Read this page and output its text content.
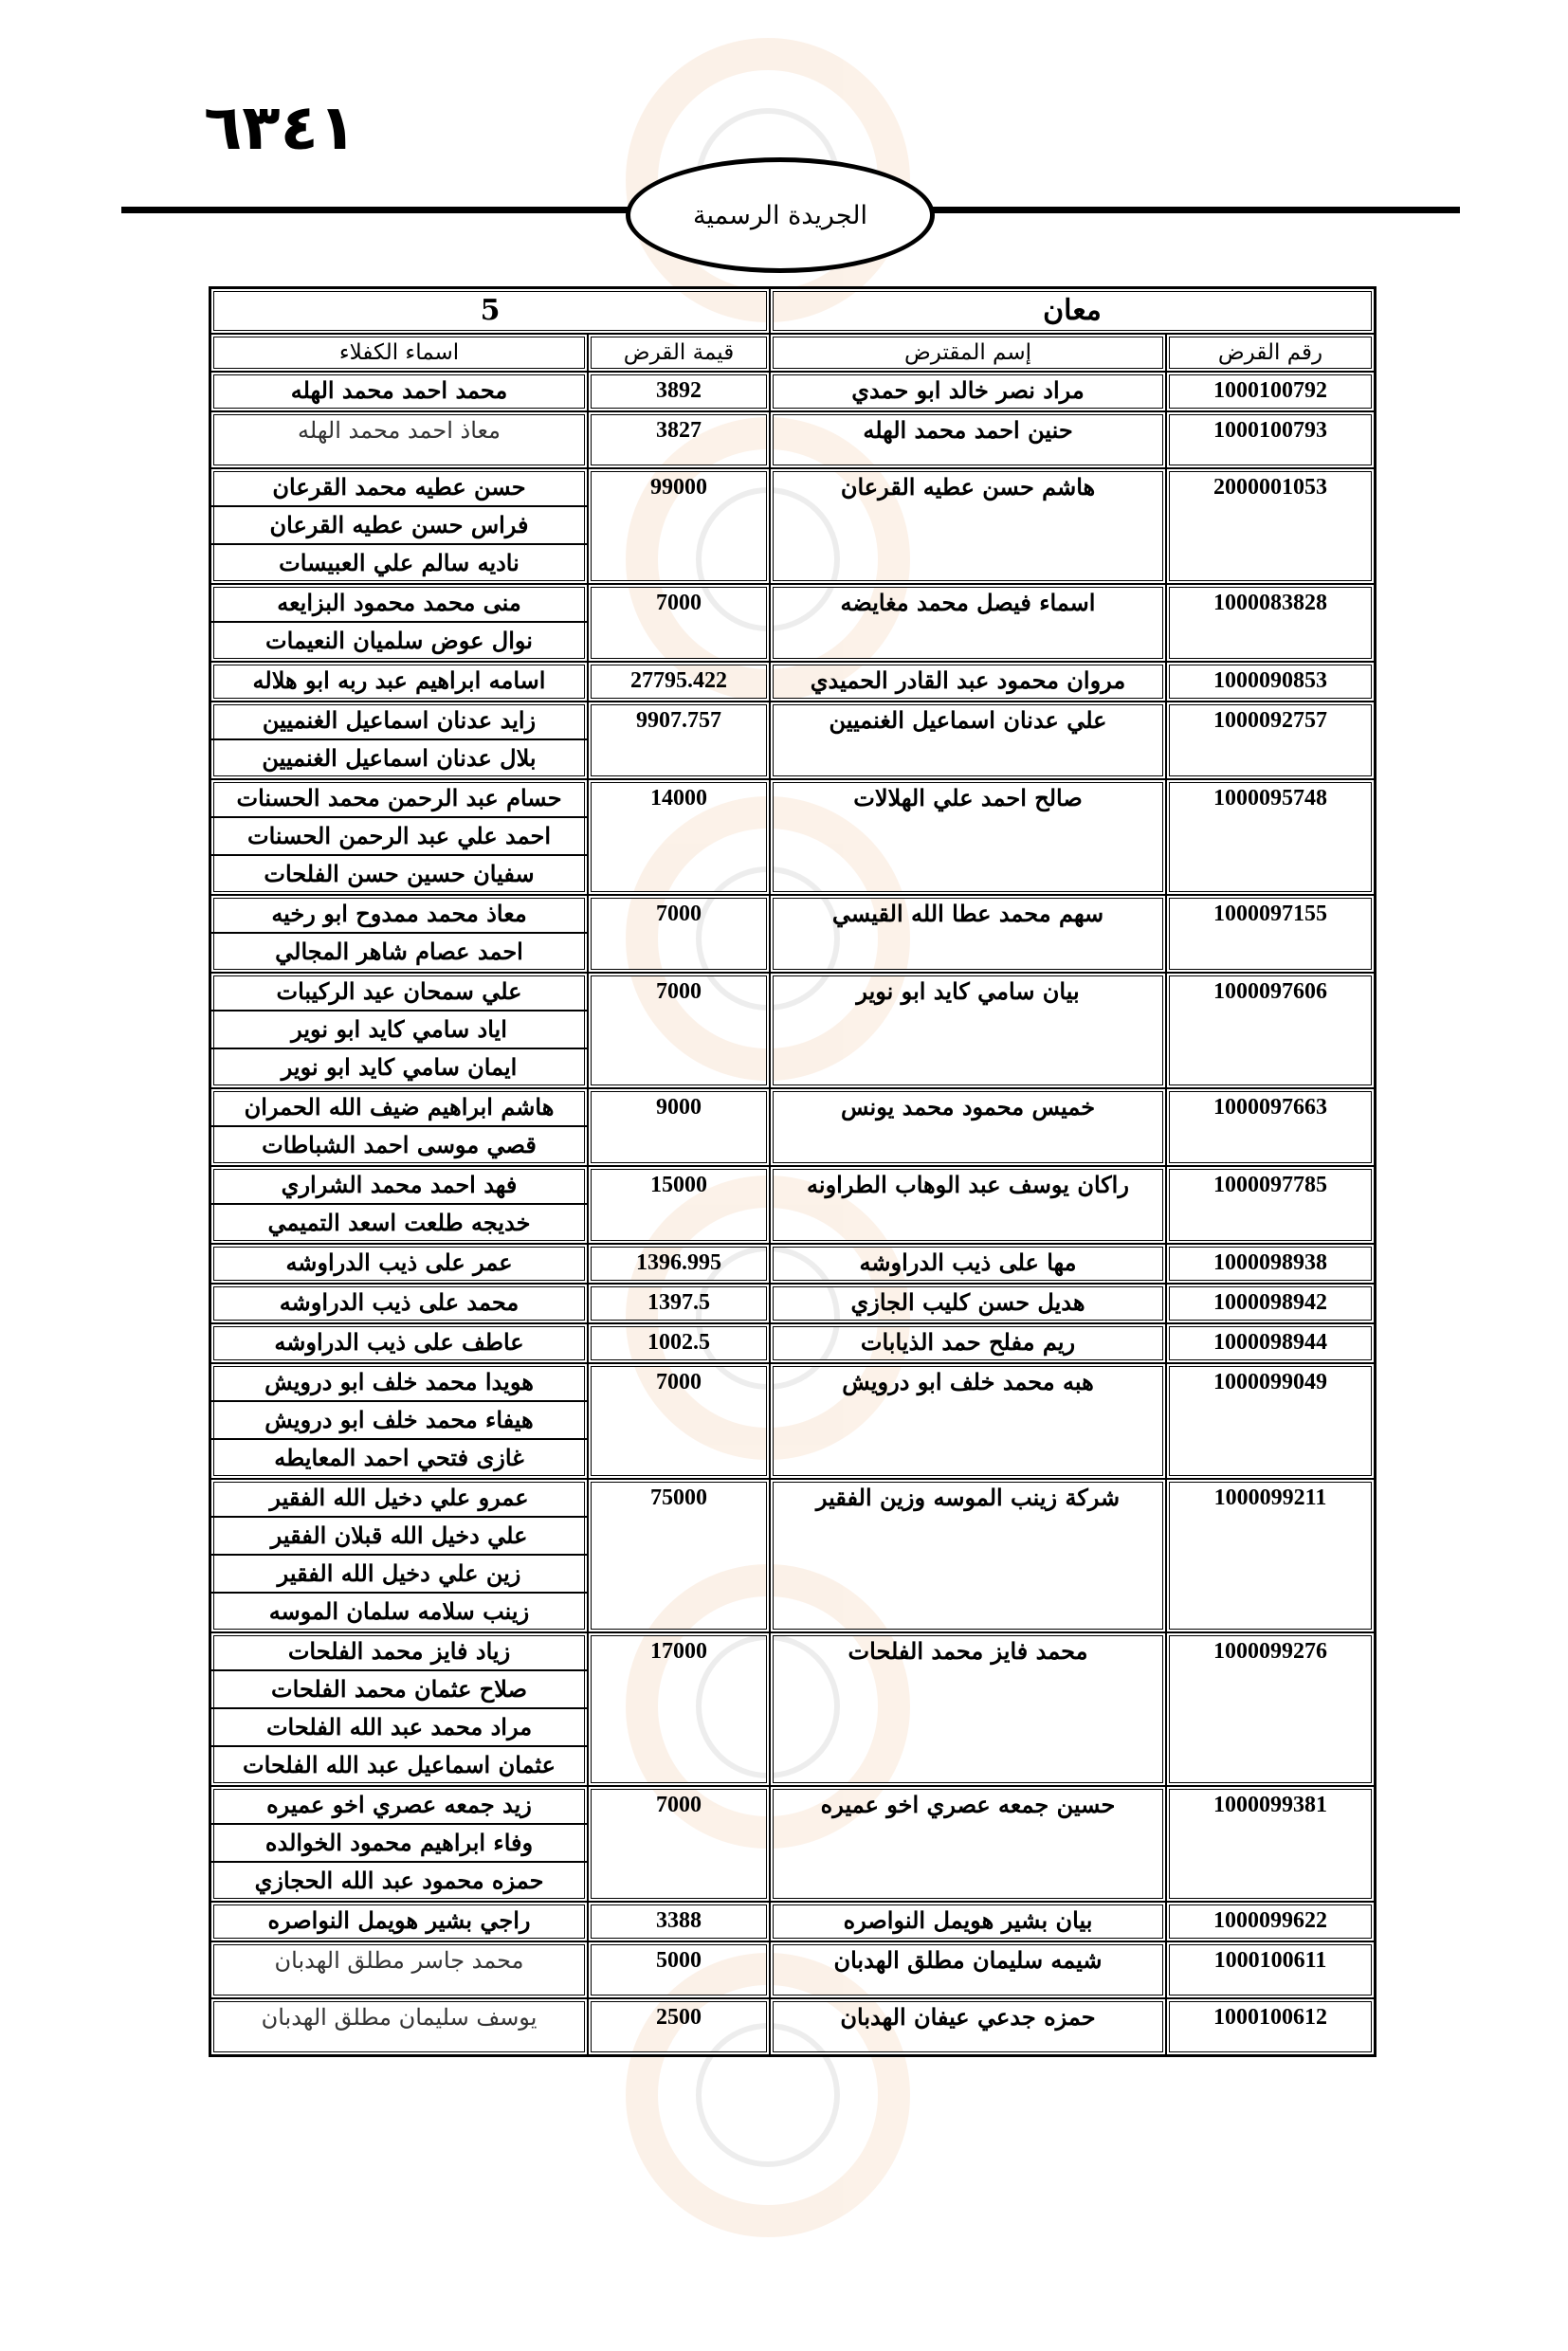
٦٣٤١
الجريدة الرسمية
معان		5	
رقم القرض	إسم المقترض	قيمة القرض	اسماء الكفلاء
1000100792	مراد نصر خالد ابو حمدي	3892	محمد احمد محمد الهله

1000100793	حنين احمد محمد الهله	3827	معاذ احمد محمد الهله

2000001053	هاشم حسن عطيه القرعان	99000	حسن عطيه محمد القرعان
فراس حسن عطيه القرعان
ناديه سالم علي العبيسات

1000083828	اسماء فيصل محمد مغايضه	7000	منى محمد محمود البزايعه
نوال عوض سلميان النعيمات

1000090853	مروان محمود عبد القادر الحميدي	27795.422	اسامه ابراهيم عبد ربه ابو هلاله

1000092757	علي عدنان اسماعيل الغنميين	9907.757	زايد عدنان اسماعيل الغنميين
بلال عدنان اسماعيل الغنميين

1000095748	صالح احمد علي الهلالات	14000	حسام عبد الرحمن محمد الحسنات
احمد علي عبد الرحمن الحسنات
سفيان حسين حسن الفلحات

1000097155	سهم محمد عطا الله القيسي	7000	معاذ محمد ممدوح ابو رخيه
احمد عصام شاهر المجالي

1000097606	بيان سامي كايد ابو نوير	7000	علي سمحان عيد الركيبات
اياد سامي كايد ابو نوير
ايمان سامي كايد ابو نوير

1000097663	خميس محمود محمد يونس	9000	هاشم ابراهيم ضيف الله الحمران
قصي موسى احمد الشباطات

1000097785	راكان يوسف عبد الوهاب الطراونه	15000	فهد احمد محمد الشراري
خديجه طلعت اسعد التميمي

1000098938	مها على ذيب الدراوشه	1396.995	عمر على ذيب الدراوشه

1000098942	هديل حسن كليب الجازي	1397.5	محمد على ذيب الدراوشه

1000098944	ريم مفلح حمد الذيابات	1002.5	عاطف على ذيب الدراوشه

1000099049	هبه محمد خلف ابو درويش	7000	هويدا محمد خلف ابو درويش
هيفاء محمد خلف ابو درويش
غازى فتحي احمد المعايطه

1000099211	شركة زينب الموسه وزين الفقير	75000	عمرو علي دخيل الله الفقير
علي دخيل الله قبلان الفقير
زين علي دخيل الله الفقير
زينب سلامه سلمان الموسه

1000099276	محمد فايز محمد الفلحات	17000	زياد فايز محمد الفلحات
صلاح عثمان محمد الفلحات
مراد محمد عبد الله الفلحات
عثمان اسماعيل عبد الله الفلحات

1000099381	حسين جمعه عصري اخو عميره	7000	زيد جمعه عصري اخو عميره
وفاء ابراهيم محمود الخوالده
حمزه محمود عبد الله الحجازي

1000099622	بيان بشير هويمل النواصره	3388	راجي بشير هويمل النواصره

1000100611	شيمه سليمان مطلق الهدبان	5000	محمد جاسر مطلق الهدبان

1000100612	حمزه جدعي عيفان الهدبان	2500	يوسف سليمان مطلق الهدبان
